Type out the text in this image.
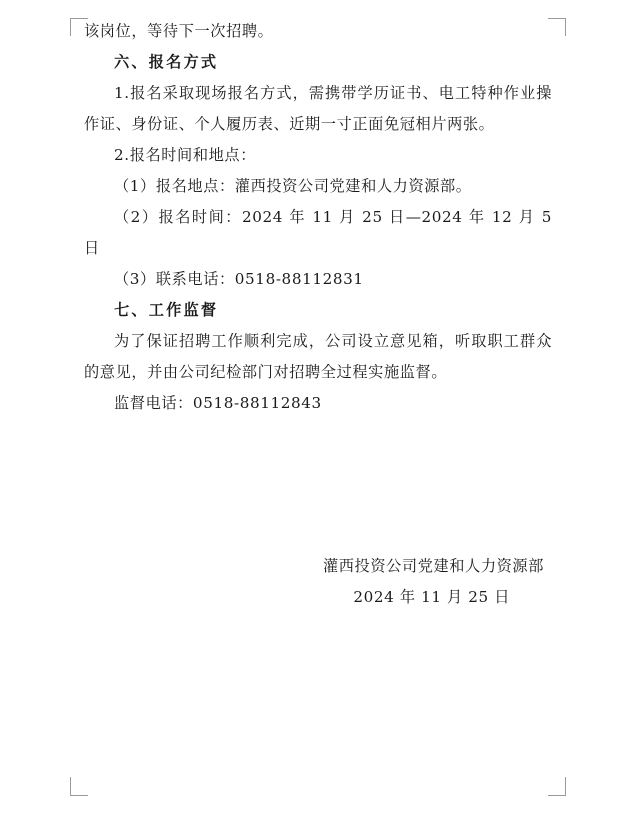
该岗位，等待下一次招聘。

六、报名方式

1.报名采取现场报名方式，需携带学历证书、电工特种作业操作证、身份证、个人履历表、近期一寸正面免冠相片两张。

2.报名时间和地点：

（1）报名地点：灌西投资公司党建和人力资源部。

（2）报名时间：2024 年 11 月 25 日—2024 年 12 月 5 日

（3）联系电话：0518-88112831

七、工作监督

为了保证招聘工作顺利完成，公司设立意见箱，听取职工群众的意见，并由公司纪检部门对招聘全过程实施监督。

监督电话：0518-88112843

灌西投资公司党建和人力资源部
2024 年 11 月 25 日
